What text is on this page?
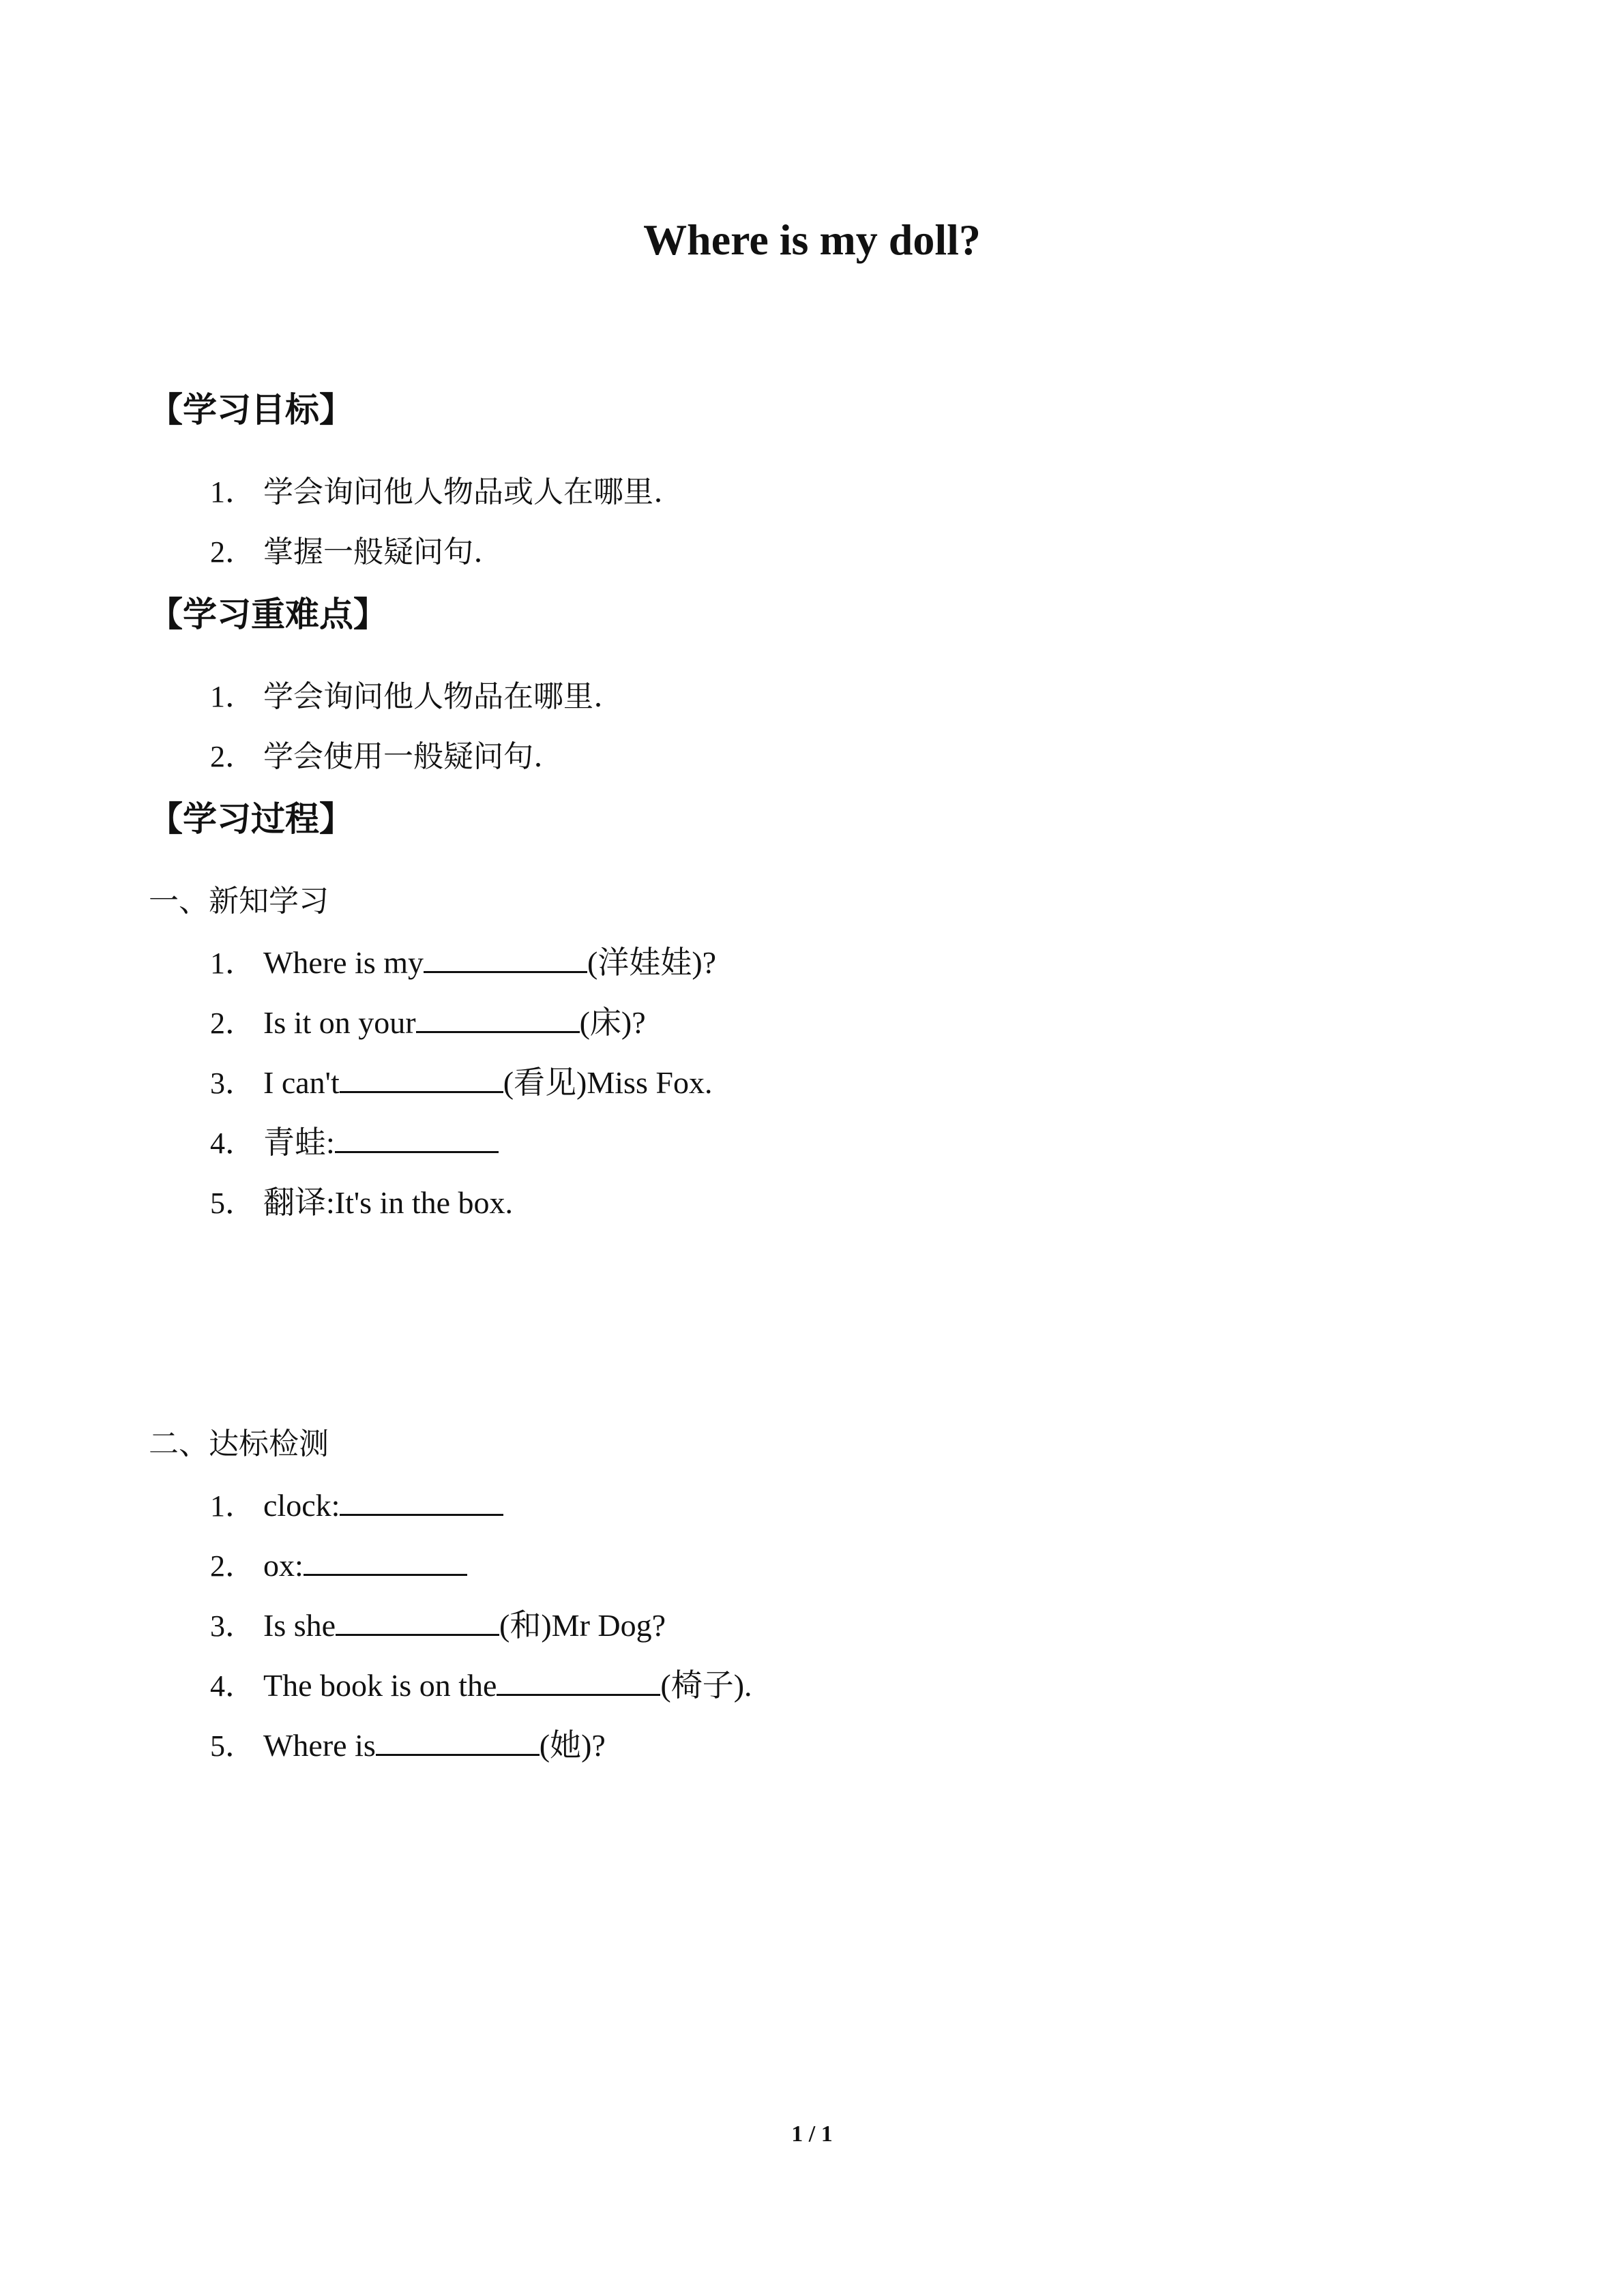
Where is my doll?
【学习目标】

1． 学会询问他人物品或人在哪里.

2． 掌握一般疑问句.

【学习重难点】

1． 学会询问他人物品在哪里.

2． 学会使用一般疑问句.

【学习过程】

一、新知学习

1． Where is my	(洋娃娃)?

2． Is it on your	(床)?

3． I can't	(看见)Miss Fox.

4． 青蛙:

5． 翻译:It's in the box.

二、达标检测

1． clock:

2． ox:

3． Is she	(和)Mr Dog?

4． The book is on the	(椅子).

5． Where is	(她)?

1 / 1
